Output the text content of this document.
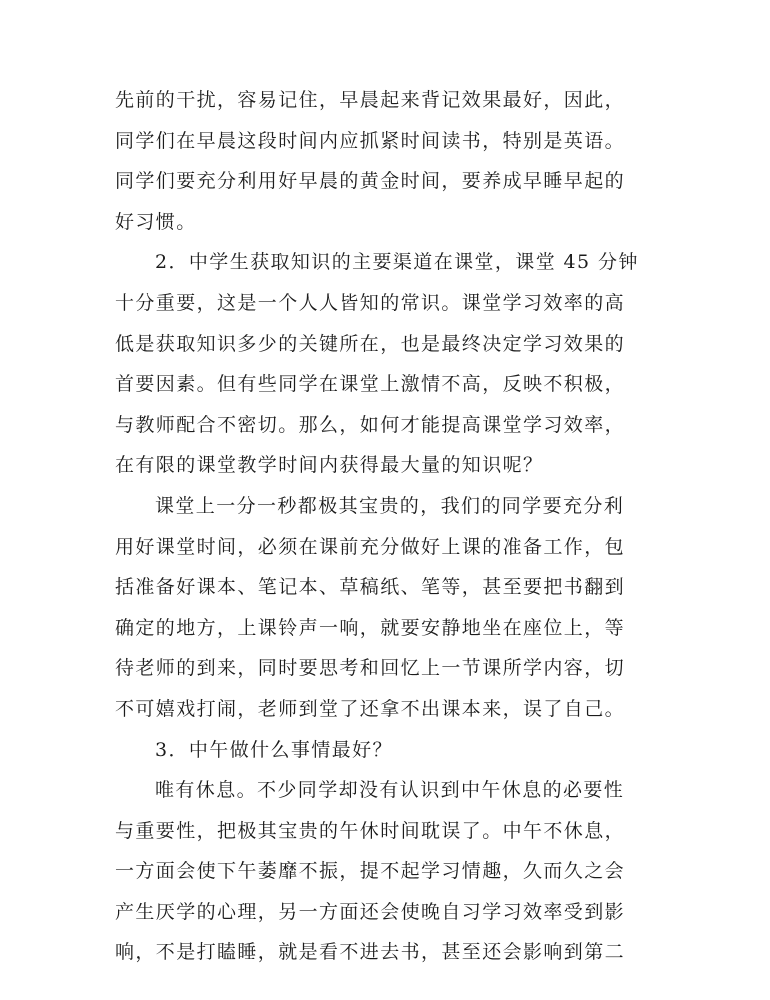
先前的干扰，容易记住，早晨起来背记效果最好，因此，
同学们在早晨这段时间内应抓紧时间读书，特别是英语。
同学们要充分利用好早晨的黄金时间，要养成早睡早起的
好习惯。
2．中学生获取知识的主要渠道在课堂，课堂 45 分钟
十分重要，这是一个人人皆知的常识。课堂学习效率的高
低是获取知识多少的关键所在，也是最终决定学习效果的
首要因素。但有些同学在课堂上激情不高，反映不积极，
与教师配合不密切。那么，如何才能提高课堂学习效率，
在有限的课堂教学时间内获得最大量的知识呢？
课堂上一分一秒都极其宝贵的，我们的同学要充分利
用好课堂时间，必须在课前充分做好上课的准备工作，包
括准备好课本、笔记本、草稿纸、笔等，甚至要把书翻到
确定的地方，上课铃声一响，就要安静地坐在座位上，等
待老师的到来，同时要思考和回忆上一节课所学内容，切
不可嬉戏打闹，老师到堂了还拿不出课本来，误了自己。
3．中午做什么事情最好？
唯有休息。不少同学却没有认识到中午休息的必要性
与重要性，把极其宝贵的午休时间耽误了。中午不休息，
一方面会使下午萎靡不振，提不起学习情趣，久而久之会
产生厌学的心理，另一方面还会使晚自习学习效率受到影
响，不是打瞌睡，就是看不进去书，甚至还会影响到第二
